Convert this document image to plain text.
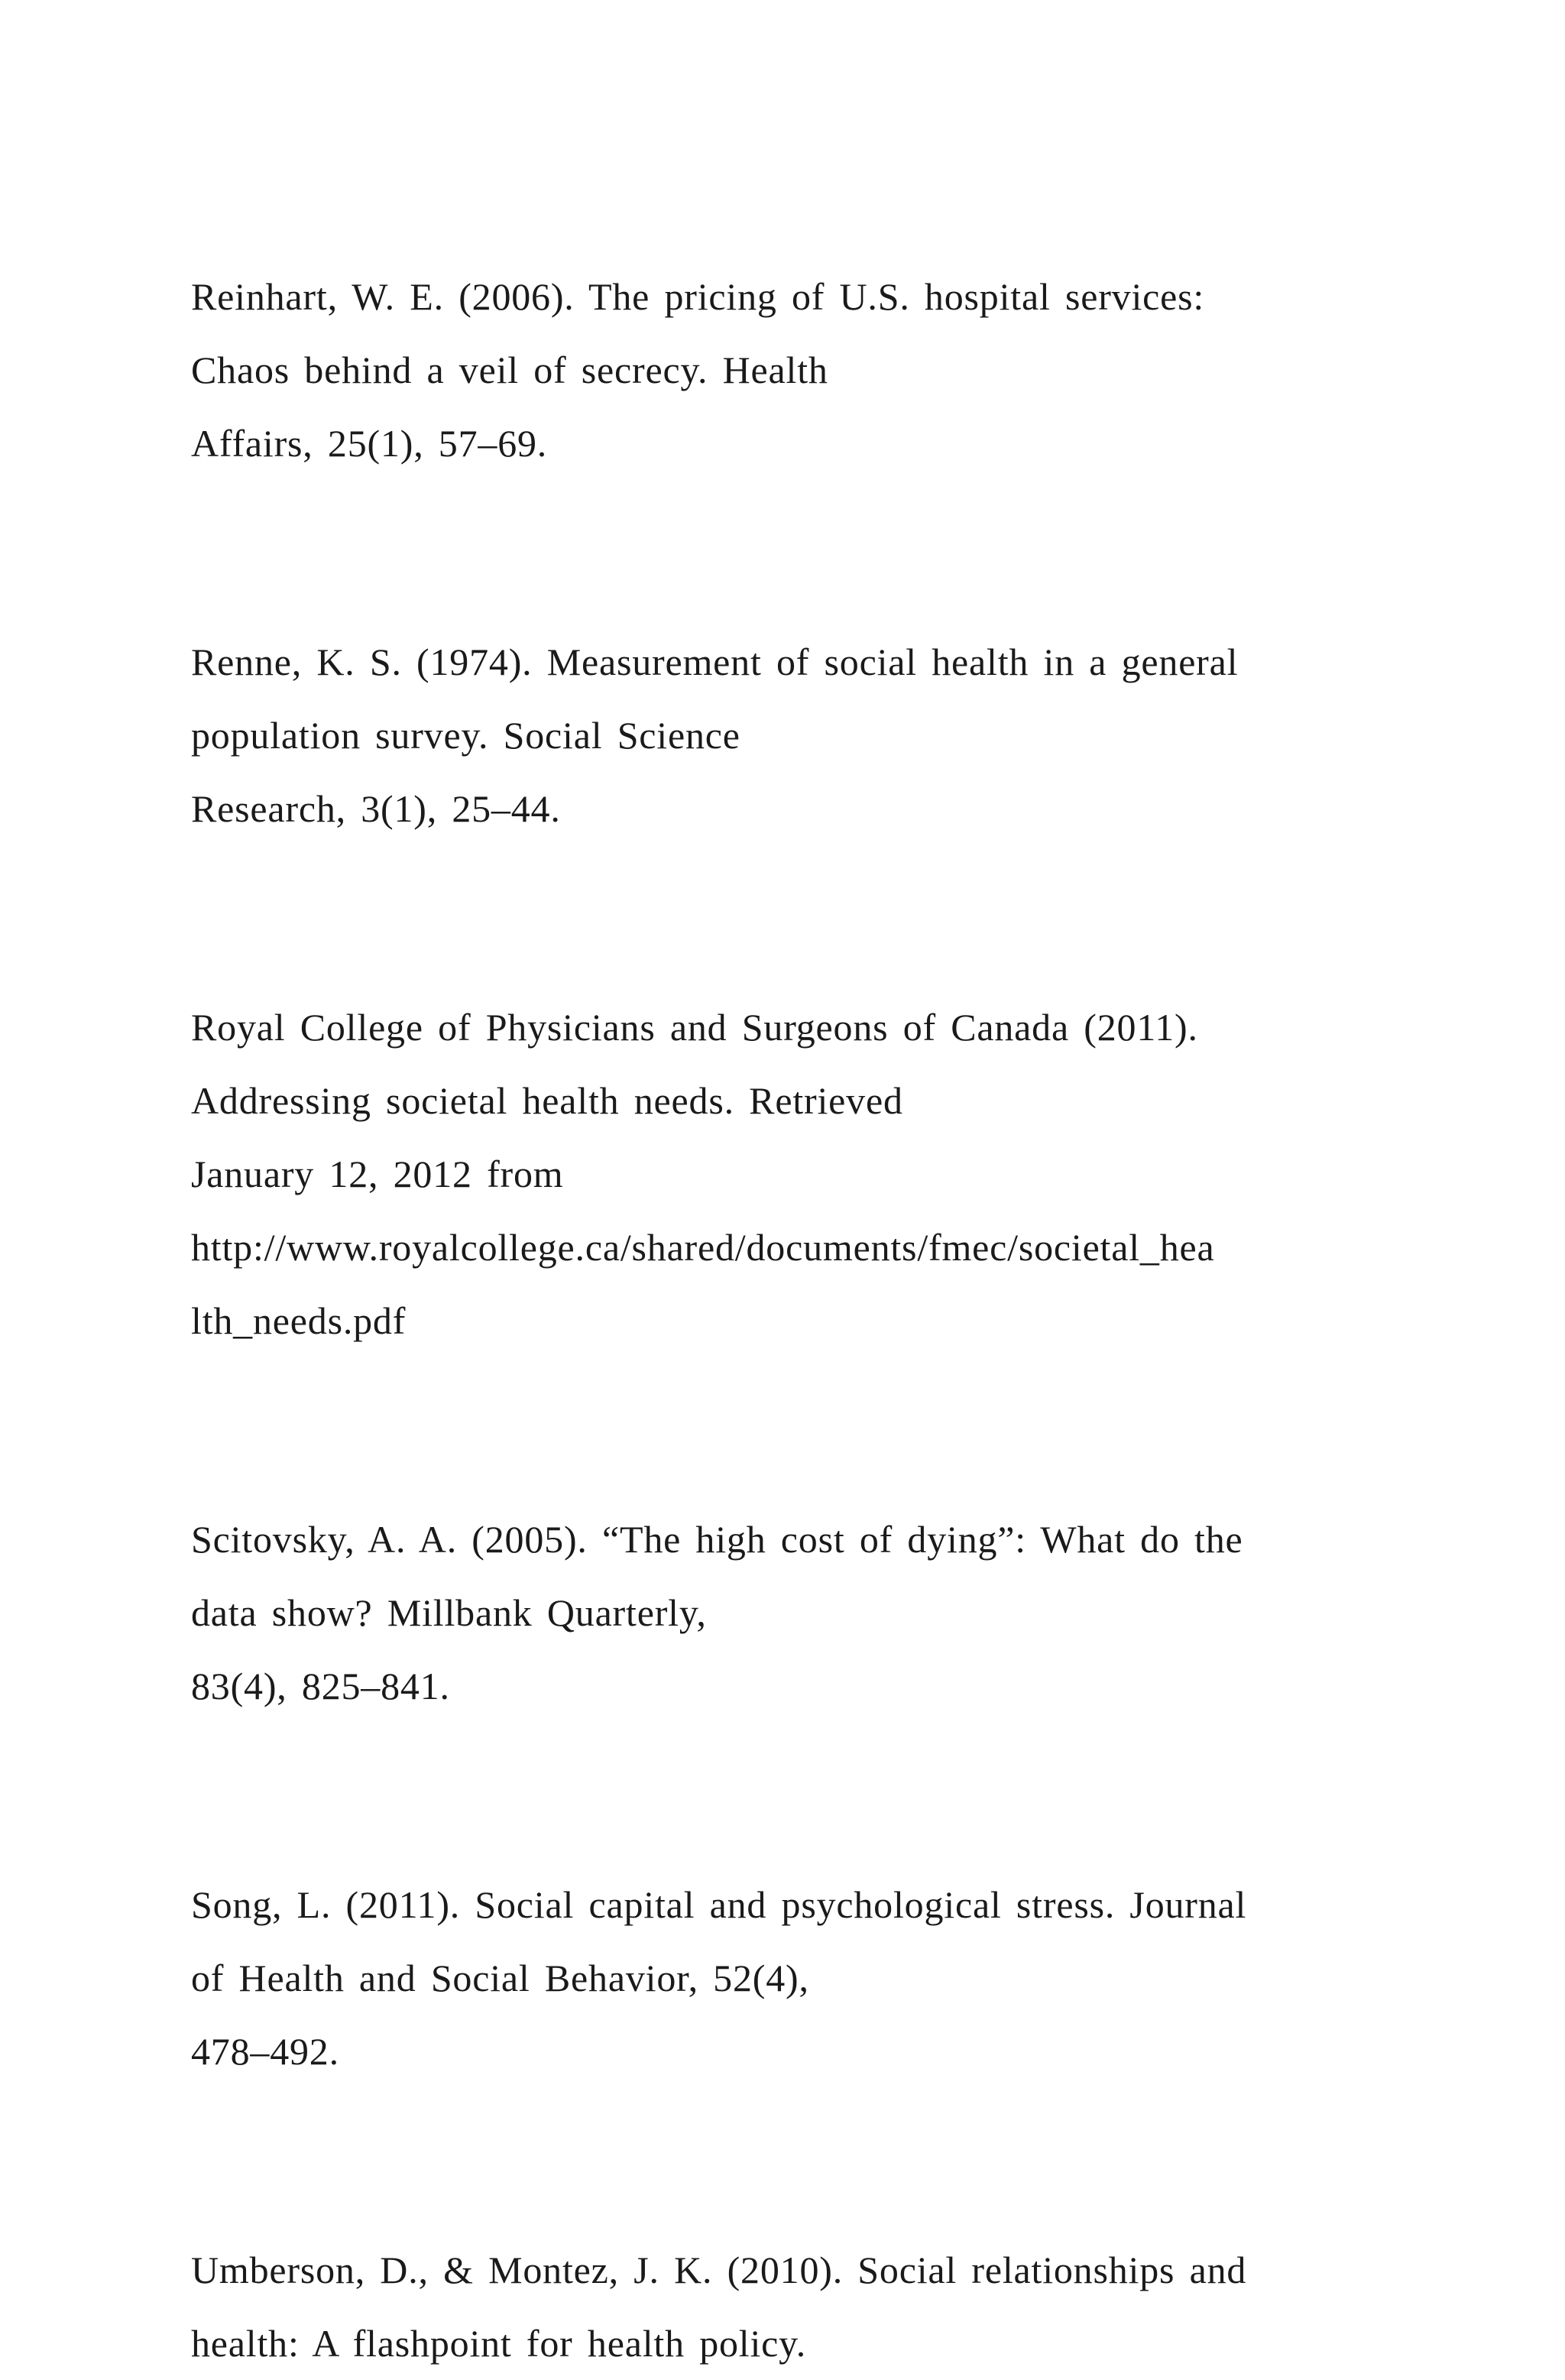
Reinhart, W. E. (2006). The pricing of U.S. hospital services:
Chaos behind a veil of secrecy. Health
Affairs, 25(1), 57–69.
Renne, K. S. (1974). Measurement of social health in a general
population survey. Social Science
Research, 3(1), 25–44.
Royal College of Physicians and Surgeons of Canada (2011).
Addressing societal health needs. Retrieved
January 12, 2012 from
http://www.royalcollege.ca/shared/documents/fmec/societal_hea
lth_needs.pdf
Scitovsky, A. A. (2005). “The high cost of dying”: What do the
data show? Millbank Quarterly,
83(4), 825–841.
Song, L. (2011). Social capital and psychological stress. Journal
of Health and Social Behavior, 52(4),
478–492.
Umberson, D., & Montez, J. K. (2010). Social relationships and
health: A flashpoint for health policy.
